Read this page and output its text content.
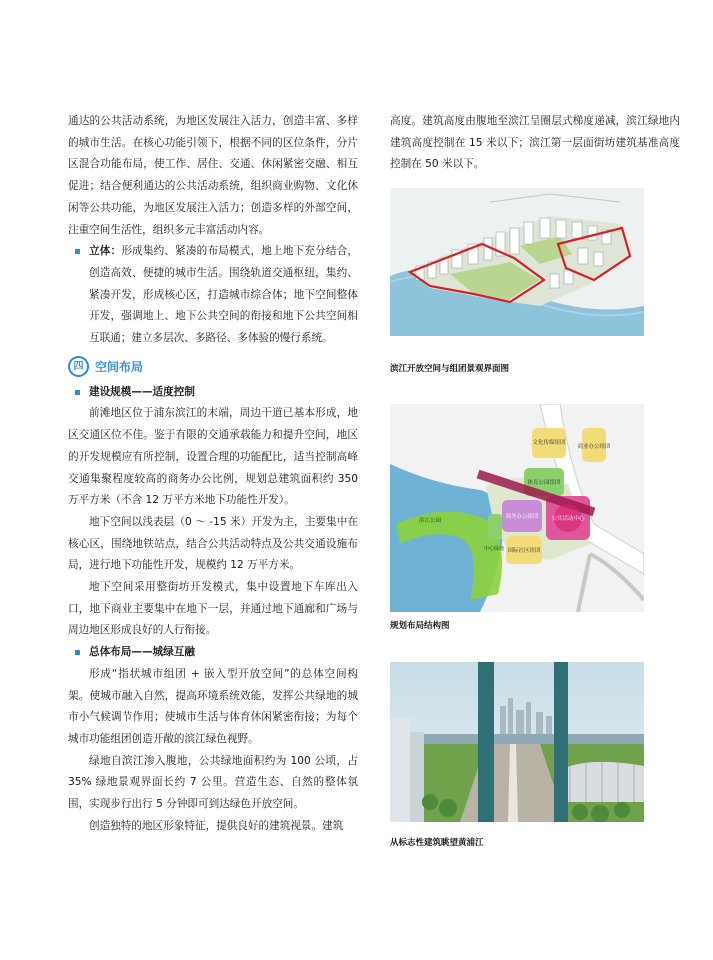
通达的公共活动系统，为地区发展注入活力，创造丰富、多样的城市生活。在核心功能引领下，根据不同的区位条件，分片区混合功能布局，使工作、居住、交通、休闲紧密交融、相互促进；结合便利通达的公共活动系统，组织商业购物、文化休闲等公共功能，为地区发展注入活力；创造多样的外部空间，注重空间生活性，组织多元丰富活动内容。

立体：形成集约、紧凑的布局模式，地上地下充分结合，创造高效、便捷的城市生活。围绕轨道交通枢纽，集约、紧凑开发，形成核心区，打造城市综合体；地下空间整体开发，强调地上、地下公共空间的衔接和地下公共空间相互联通；建立多层次、多路径、多体验的慢行系统。

四 空间布局

建设规模——适度控制

前滩地区位于浦东滨江的末端，周边干道已基本形成，地区交通区位不佳。鉴于有限的交通承载能力和提升空间，地区的开发规模应有所控制，设置合理的功能配比，适当控制高峰交通集聚程度较高的商务办公比例，规划总建筑面积约 350 万平方米（不含 12 万平方米地下功能性开发）。

地下空间以浅表层（0 ～ -15 米）开发为主，主要集中在核心区，围绕地铁站点，结合公共活动特点及公共交通设施布局，进行地下功能性开发，规模约 12 万平方米。

地下空间采用整街坊开发模式，集中设置地下车库出入口，地下商业主要集中在地下一层，并通过地下通廊和广场与周边地区形成良好的人行衔接。

总体布局——城绿互融

形成“指状城市组团 + 嵌入型开放空间”的总体空间构架。使城市融入自然，提高环境系统效能，发挥公共绿地的城市小气候调节作用；使城市生活与体育休闲紧密衔接；为每个城市功能组团创造开敞的滨江绿色视野。

绿地自滨江渗入腹地，公共绿地面积约为 100 公顷，占 35% 绿地景观界面长约 7 公里。营造生态、自然的整体氛围，实现步行出行 5 分钟即可到达绿色开放空间。

创造独特的地区形象特征，提供良好的建筑视景。建筑

高度。建筑高度由腹地至滨江呈圈层式梯度递减，滨江绿地内建筑高度控制在 15 米以下；滨江第一层面街坊建筑基准高度控制在 50 米以下。

滨江开放空间与组团景观界面图
文化传媒组团
商业办公组团
体育公园组团
滨江公园
国际社区组团
商务办公组团 公共活动中心
中心绿地
规划布局结构图
从标志性建筑眺望黄浦江
